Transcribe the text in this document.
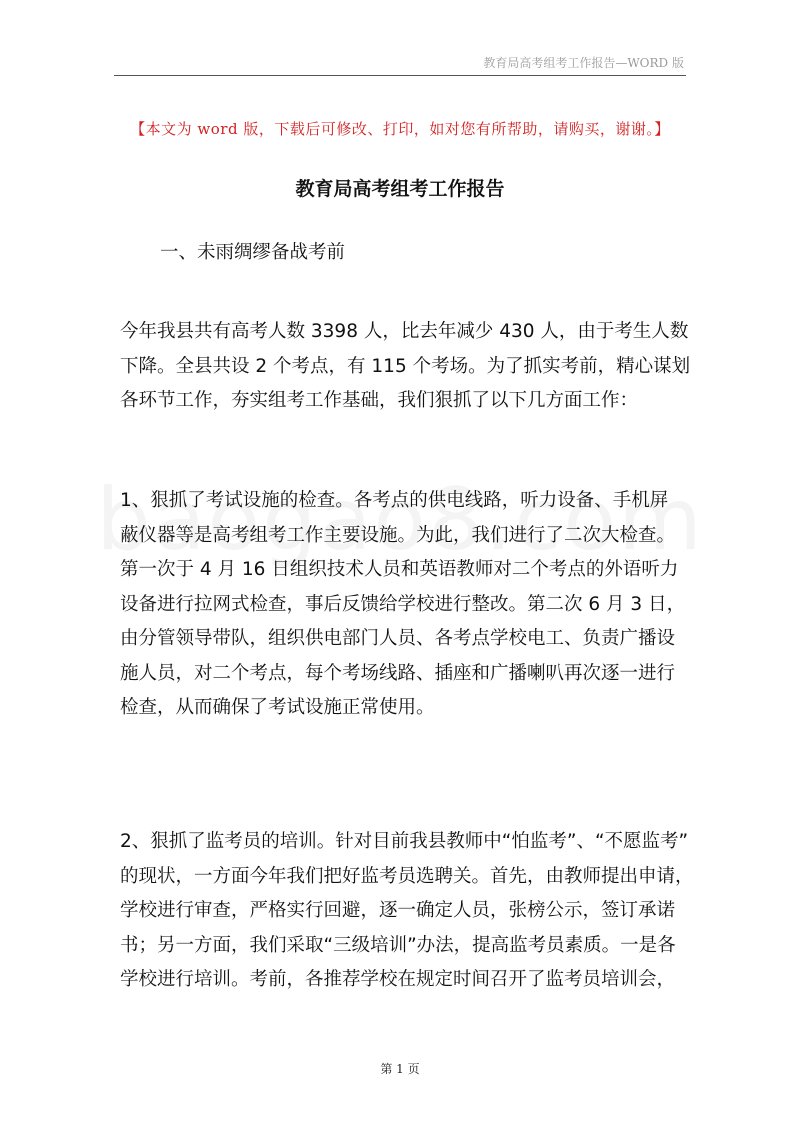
教育局高考组考工作报告—WORD 版
【本文为 word 版，下载后可修改、打印，如对您有所帮助，请购买，谢谢。】
教育局高考组考工作报告
一、未雨绸缪备战考前

今年我县共有高考人数 3398 人，比去年减少 430 人，由于考生人数
下降。全县共设 2 个考点，有 115 个考场。为了抓实考前，精心谋划
各环节工作，夯实组考工作基础，我们狠抓了以下几方面工作：

1、狠抓了考试设施的检查。各考点的供电线路，听力设备、手机屏
蔽仪器等是高考组考工作主要设施。为此，我们进行了二次大检查。
第一次于 4 月 16 日组织技术人员和英语教师对二个考点的外语听力
设备进行拉网式检查，事后反馈给学校进行整改。第二次 6 月 3 日，
由分管领导带队，组织供电部门人员、各考点学校电工、负责广播设
施人员，对二个考点，每个考场线路、插座和广播喇叭再次逐一进行
检查，从而确保了考试设施正常使用。

2、狠抓了监考员的培训。针对目前我县教师中“怕监考”、“不愿监考”
的现状，一方面今年我们把好监考员选聘关。首先，由教师提出申请，
学校进行审查，严格实行回避，逐一确定人员，张榜公示，签订承诺
书；另一方面，我们采取“三级培训”办法，提高监考员素质。一是各
学校进行培训。考前，各推荐学校在规定时间召开了监考员培训会，

第 1 页
